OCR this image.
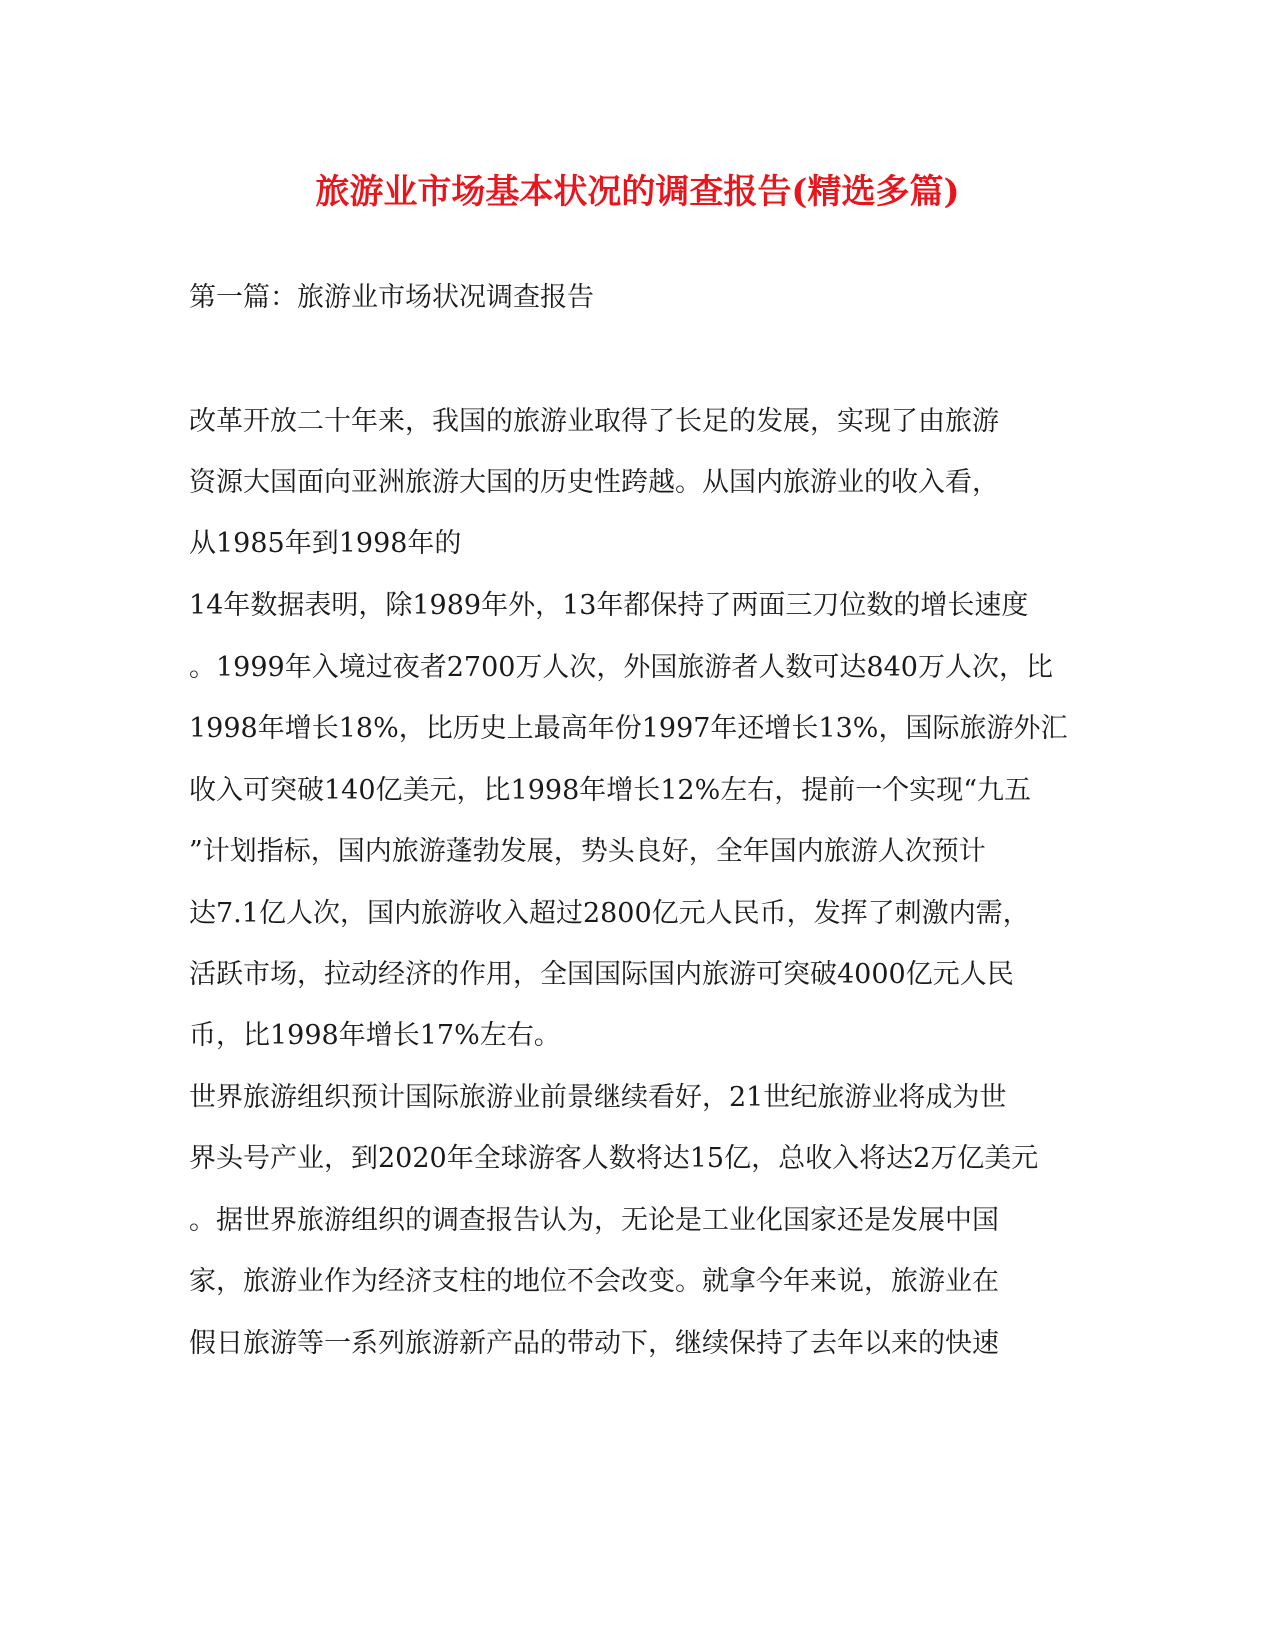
旅游业市场基本状况的调查报告(精选多篇)
第一篇：旅游业市场状况调查报告
改革开放二十年来，我国的旅游业取得了长足的发展，实现了由旅游
资源大国面向亚洲旅游大国的历史性跨越。从国内旅游业的收入看，
从1985年到1998年的
14年数据表明，除1989年外，13年都保持了两面三刀位数的增长速度
。1999年入境过夜者2700万人次，外国旅游者人数可达840万人次，比
1998年增长18%，比历史上最高年份1997年还增长13%，国际旅游外汇
收入可突破140亿美元，比1998年增长12%左右，提前一个实现“九五
”计划指标，国内旅游蓬勃发展，势头良好，全年国内旅游人次预计
达7.1亿人次，国内旅游收入超过2800亿元人民币，发挥了刺激内需，
活跃市场，拉动经济的作用，全国国际国内旅游可突破4000亿元人民
币，比1998年增长17%左右。
世界旅游组织预计国际旅游业前景继续看好，21世纪旅游业将成为世
界头号产业，到2020年全球游客人数将达15亿，总收入将达2万亿美元
。据世界旅游组织的调查报告认为，无论是工业化国家还是发展中国
家，旅游业作为经济支柱的地位不会改变。就拿今年来说，旅游业在
假日旅游等一系列旅游新产品的带动下，继续保持了去年以来的快速
